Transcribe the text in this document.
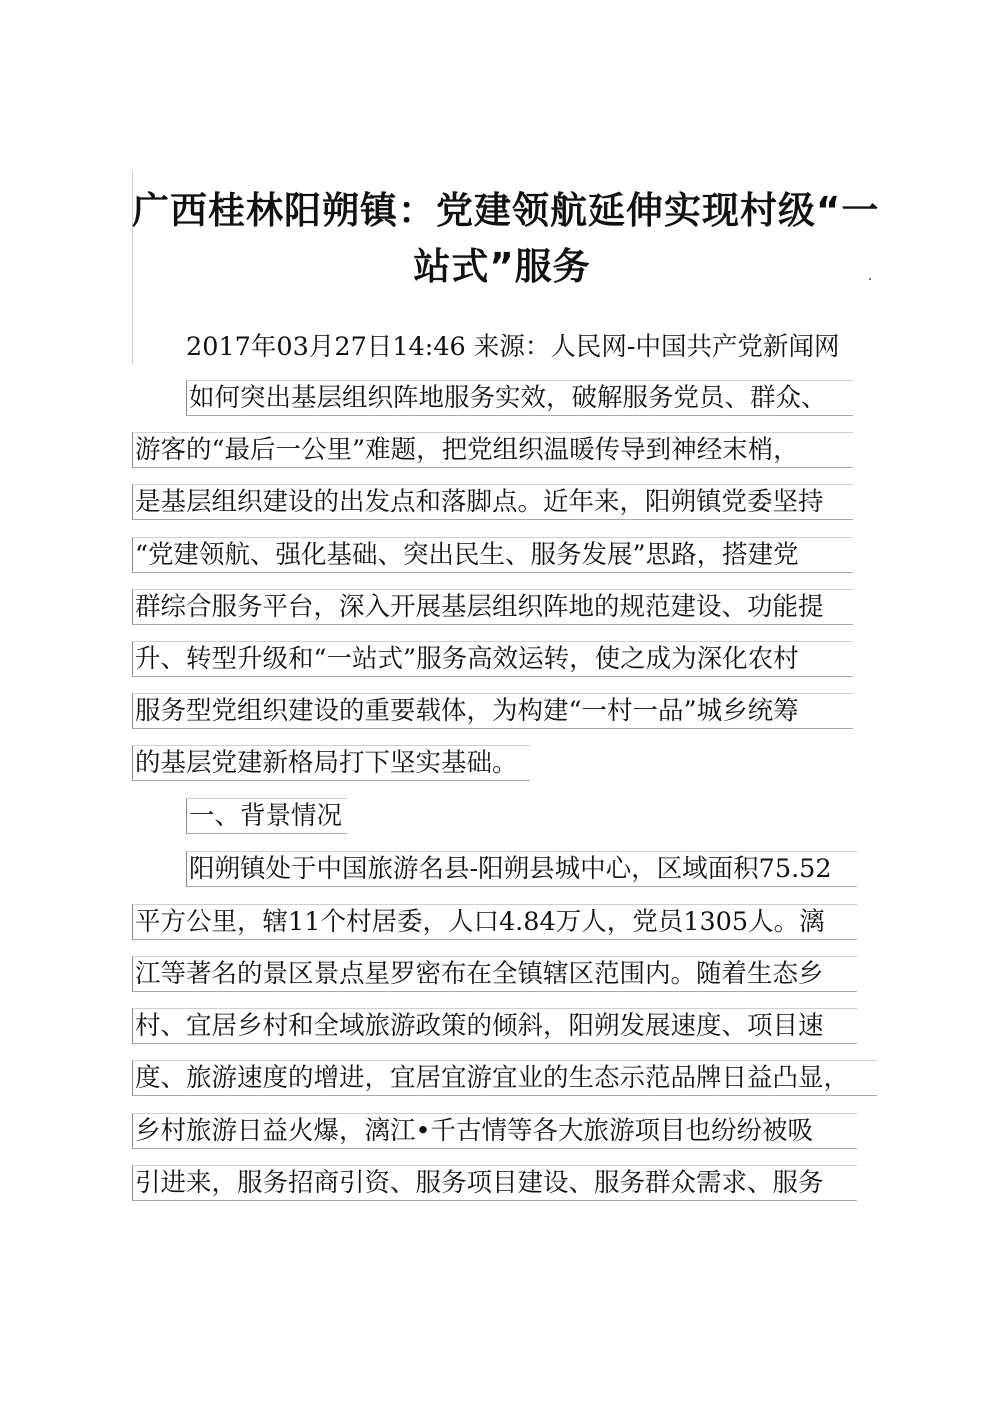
广西桂林阳朔镇：党建领航延伸实现村级“一
站式”服务
2017年03月27日14:46 来源：人民网-中国共产党新闻网
如何突出基层组织阵地服务实效，破解服务党员、群众、
游客的“最后一公里”难题，把党组织温暖传导到神经末梢，
是基层组织建设的出发点和落脚点。近年来，阳朔镇党委坚持
“党建领航、强化基础、突出民生、服务发展”思路，搭建党
群综合服务平台，深入开展基层组织阵地的规范建设、功能提
升、转型升级和“一站式”服务高效运转，使之成为深化农村
服务型党组织建设的重要载体，为构建“一村一品”城乡统筹
的基层党建新格局打下坚实基础。
一、背景情况
阳朔镇处于中国旅游名县-阳朔县城中心，区域面积75.52
平方公里，辖11个村居委，人口4.84万人，党员1305人。漓
江等著名的景区景点星罗密布在全镇辖区范围内。随着生态乡
村、宜居乡村和全域旅游政策的倾斜，阳朔发展速度、项目速
度、旅游速度的增进，宜居宜游宜业的生态示范品牌日益凸显，
乡村旅游日益火爆，漓江•千古情等各大旅游项目也纷纷被吸
引进来，服务招商引资、服务项目建设、服务群众需求、服务
